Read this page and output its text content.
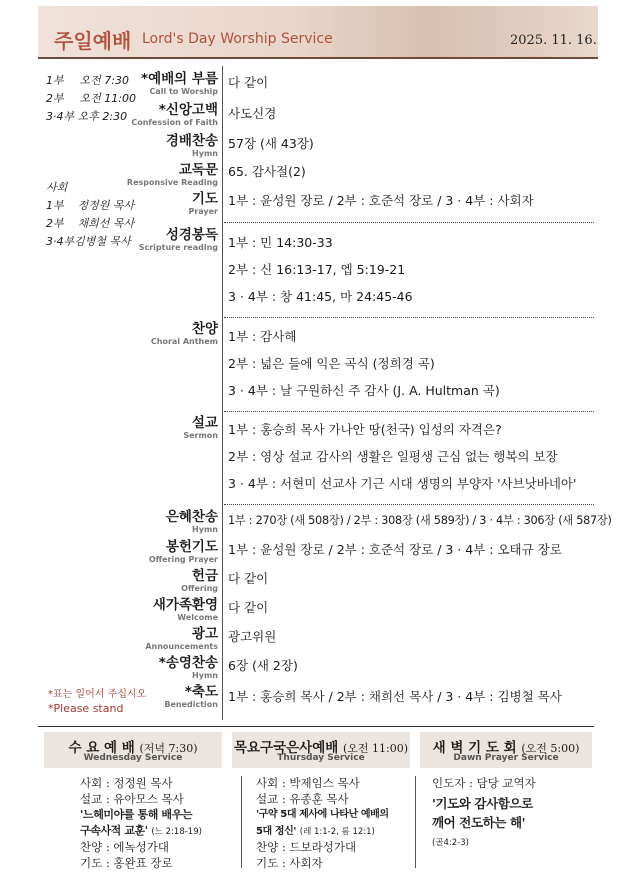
주일예배 Lord's Day Worship Service	2025. 11. 16.
1부 오전 7:30
2부 오전 11:00
3·4부 오후 2:30
사회
1부 정정원 목사
2부 채희선 목사
3·4부김병철 목사
*표는 일어서 주십시오
*Please stand
*예배의 부름
Call to Worship
다 같이
*신앙고백
Confession of Faith
사도신경
경배찬송
Hymn
57장 (새 43장)
교독문
Responsive Reading
65. 감사절(2)
기도
Prayer
1부 : 윤성원 장로 / 2부 : 호준석 장로 / 3 · 4부 : 사회자
성경봉독
Scripture reading 1부 : 민 14:30-33
2부 : 신 16:13-17, 엡 5:19-21
3 · 4부 : 창 41:45, 마 24:45-46
찬양
Choral Anthem 1부 : 감사해
2부 : 넓은 들에 익은 곡식 (정희경 곡)
3 · 4부 : 날 구원하신 주 감사 (J. A. Hultman 곡)
설교
Sermon 1부 : 홍승희 목사 가나안 땅(천국) 입성의 자격은?
2부 : 영상 설교 감사의 생활은 일평생 근심 없는 행복의 보장
3 · 4부 : 서현미 선교사 기근 시대 생명의 부양자 '사브낫바네아'
은혜찬송
Hymn
1부 : 270장 (새 508장) / 2부 : 308장 (새 589장) / 3 · 4부 : 306장 (새 587장)
봉헌기도
Offering Prayer
1부 : 윤성원 장로 / 2부 : 호준석 장로 / 3 · 4부 : 오태규 장로
헌금
Offering
다 같이
새가족환영
Welcome
다 같이
광고
Announcements
광고위원
*송영찬송
Hymn
6장 (새 2장)
*축도
Benediction
1부 : 홍승희 목사 / 2부 : 채희선 목사 / 3 · 4부 : 김병철 목사
수 요 예 배 (저녁 7:30)
Wednesday Service
사회 : 정정원 목사
설교 : 유아모스 목사
'느헤미야를 통해 배우는
구속사적 교훈' (느 2:18-19)
찬양 : 에녹성가대
기도 : 홍완표 장로
목요구국은사예배 (오전 11:00)
Thursday Service
사회 : 박제임스 목사
설교 : 유종훈 목사
'구약 5대 제사에 나타난 예배의
5대 정신' (레 1:1-2, 롬 12:1)
찬양 : 드보라성가대
기도 : 사회자
새 벽 기 도 회 (오전 5:00)
Dawn Prayer Service
인도자 : 담당 교역자
'기도와 감사함으로
깨어 전도하는 해'
(골4:2-3)
